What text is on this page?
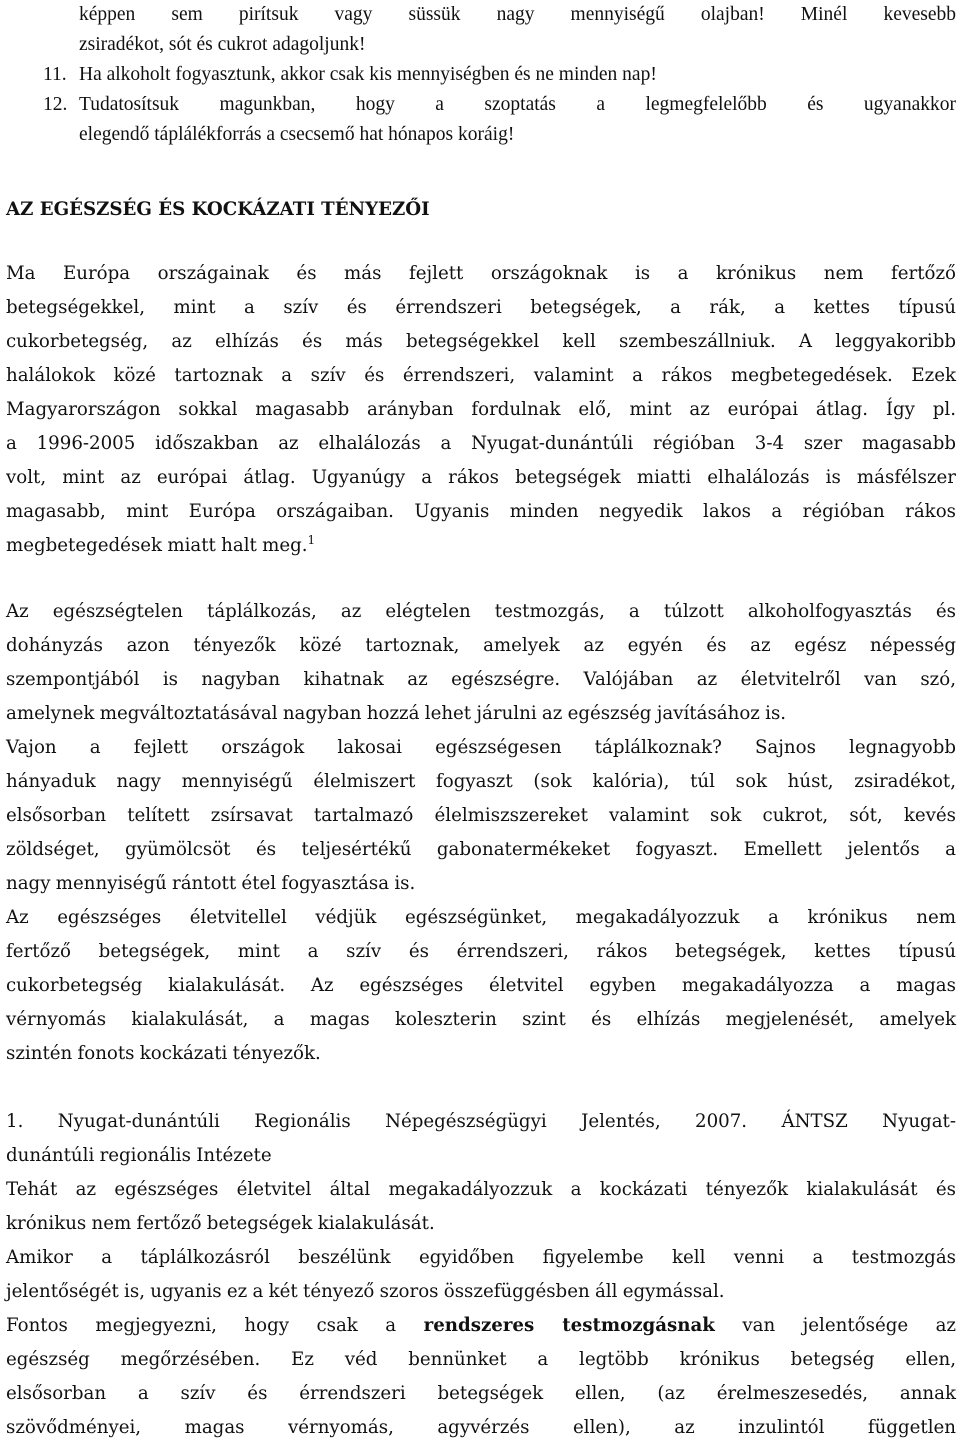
képpen sem pirítsuk vagy süssük nagy mennyiségű olajban! Minél kevesebb
zsiradékot, sót és cukrot adagoljunk!
11. Ha alkoholt fogyasztunk, akkor csak kis mennyiségben és ne minden nap!
12. Tudatosítsuk magunkban, hogy a szoptatás a legmegfelelőbb és ugyanakkor
elegendő táplálékforrás a csecsemő hat hónapos koráig!
AZ EGÉSZSÉG ÉS KOCKÁZATI TÉNYEZŐI
Ma Európa országainak és más fejlett országoknak is a krónikus nem fertőző
betegségekkel, mint a szív és érrendszeri betegségek, a rák, a kettes típusú
cukorbetegség, az elhízás és más betegségekkel kell szembeszállniuk. A leggyakoribb
halálokok közé tartoznak a szív és érrendszeri, valamint a rákos megbetegedések. Ezek
Magyarországon sokkal magasabb arányban fordulnak elő, mint az európai átlag. Így pl.
a 1996-2005 időszakban az elhalálozás a Nyugat-dunántúli régióban 3-4 szer magasabb
volt, mint az európai átlag. Ugyanúgy a rákos betegségek miatti elhalálozás is másfélszer
magasabb, mint Európa országaiban. Ugyanis minden negyedik lakos a régióban rákos
megbetegedések miatt halt meg.$^1$
Az egészségtelen táplálkozás, az elégtelen testmozgás, a túlzott alkoholfogyasztás és
dohányzás azon tényezők közé tartoznak, amelyek az egyén és az egész népesség
szempontjából is nagyban kihatnak az egészségre. Valójában az életvitelről van szó,
amelynek megváltoztatásával nagyban hozzá lehet járulni az egészség javításához is.
Vajon a fejlett országok lakosai egészségesen táplálkoznak? Sajnos legnagyobb
hányaduk nagy mennyiségű élelmiszert fogyaszt (sok kalória), túl sok húst, zsiradékot,
elsősorban telített zsírsavat tartalmazó élelmiszszereket valamint sok cukrot, sót, kevés
zöldséget, gyümölcsöt és teljesértékű gabonatermékeket fogyaszt. Emellett jelentős a
nagy mennyiségű rántott étel fogyasztása is.
Az egészséges életvitellel védjük egészségünket, megakadályozzuk a krónikus nem
fertőző betegségek, mint a szív és érrendszeri, rákos betegségek, kettes típusú
cukorbetegség kialakulását. Az egészséges életvitel egyben megakadályozza a magas
vérnyomás kialakulását, a magas koleszterin szint és elhízás megjelenését, amelyek
szintén fonots kockázati tényezők.
1. Nyugat-dunántúli Regionális Népegészségügyi Jelentés, 2007. ÁNTSZ Nyugat-
dunántúli regionális Intézete
Tehát az egészséges életvitel által megakadályozzuk a kockázati tényezők kialakulását és
krónikus nem fertőző betegségek kialakulását.
Amikor a táplálkozásról beszélünk egyidőben figyelembe kell venni a testmozgás
jelentőségét is, ugyanis ez a két tényező szoros összefüggésben áll egymással.
Fontos megjegyezni, hogy csak a rendszeres testmozgásnak van jelentősége az
egészség megőrzésében. Ez véd bennünket a legtöbb krónikus betegség ellen,
elsősorban a szív és érrendszeri betegségek ellen, (az érelmeszesedés, annak
szövődményei, magas vérnyomás, agyvérzés ellen), az inzulintól független
